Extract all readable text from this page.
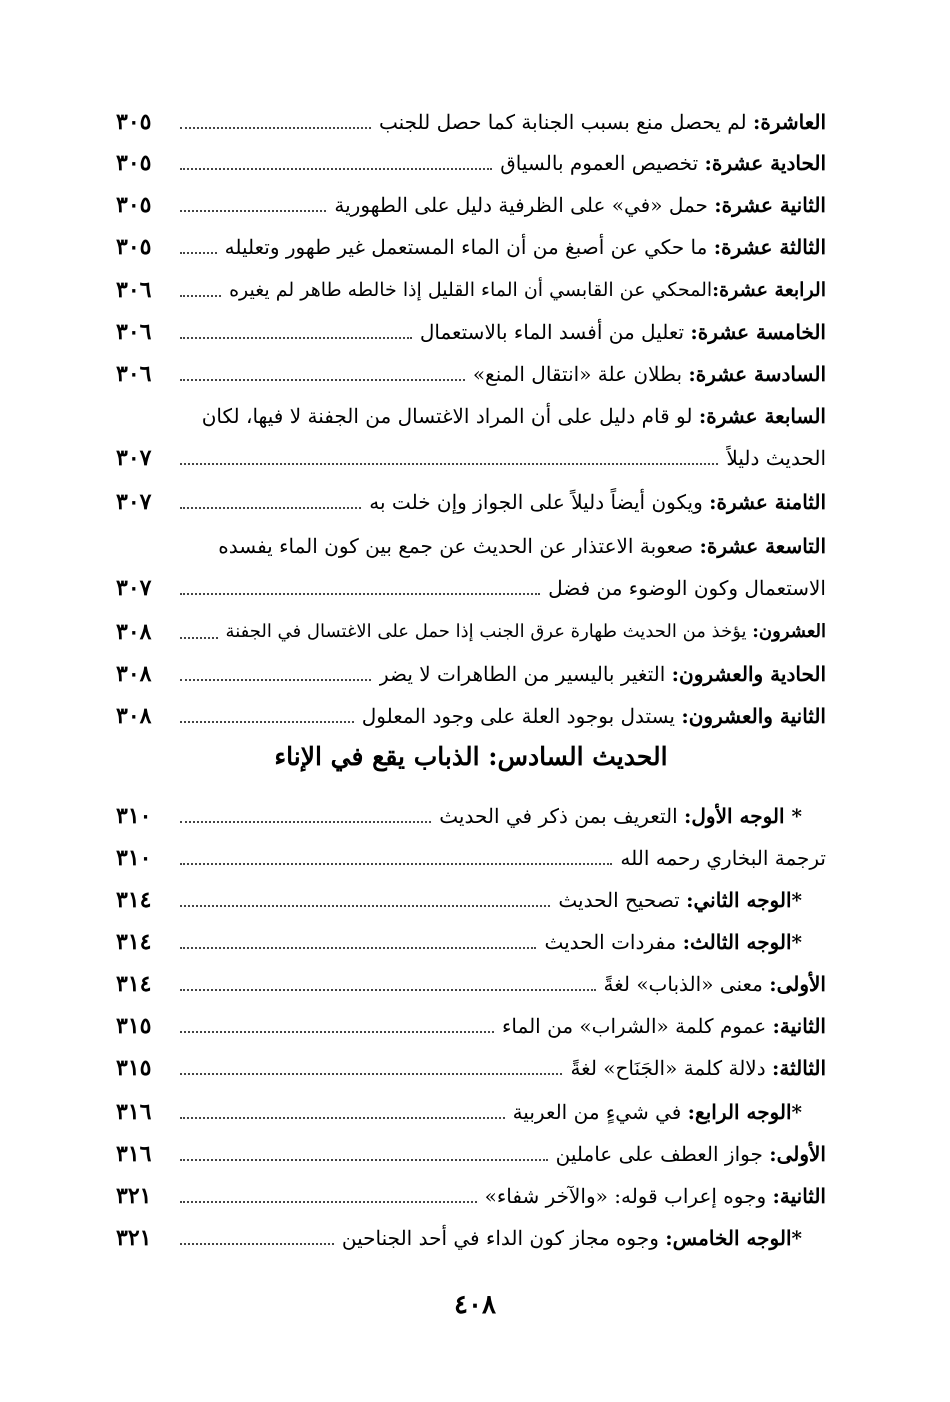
العاشرة: لم يحصل منع بسبب الجنابة كما حصل للجنب
٣٠٥
الحادية عشرة: تخصيص العموم بالسياق
٣٠٥
الثانية عشرة: حمل «في» على الظرفية دليل على الطهورية
٣٠٥
الثالثة عشرة: ما حكي عن أصبغ من أن الماء المستعمل غير طهور وتعليله
٣٠٥
الرابعة عشرة:المحكي عن القابسي أن الماء القليل إذا خالطه طاهر لم يغيره
٣٠٦
الخامسة عشرة: تعليل من أفسد الماء بالاستعمال
٣٠٦
السادسة عشرة: بطلان علة «انتقال المنع»
٣٠٦
السابعة عشرة: لو قام دليل على أن المراد الاغتسال من الجفنة لا فيها، لكان
الحديث دليلاً
٣٠٧
الثامنة عشرة: ويكون أيضاً دليلاً على الجواز وإن خلت به
٣٠٧
التاسعة عشرة: صعوبة الاعتذار عن الحديث عن جمع بين كون الماء يفسده
الاستعمال وكون الوضوء من فضل
٣٠٧
العشرون: يؤخذ من الحديث طهارة عرق الجنب إذا حمل على الاغتسال في الجفنة
٣٠٨
الحادية والعشرون: التغير باليسير من الطاهرات لا يضر
٣٠٨
الثانية والعشرون: يستدل بوجود العلة على وجود المعلول
٣٠٨
الحديث السادس: الذباب يقع في الإناء
* الوجه الأول: التعريف بمن ذكر في الحديث
٣١٠
ترجمة البخاري رحمه الله
٣١٠
*الوجه الثاني: تصحيح الحديث
٣١٤
*الوجه الثالث: مفردات الحديث
٣١٤
الأولى: معنى «الذباب» لغةً
٣١٤
الثانية: عموم كلمة «الشراب» من الماء
٣١٥
الثالثة: دلالة كلمة «الجَنَاح» لغةً
٣١٥
*الوجه الرابع: في شيءٍ من العربية
٣١٦
الأولى: جواز العطف على عاملين
٣١٦
الثانية: وجوه إعراب قوله: «والآخر شفاء»
٣٢١
*الوجه الخامس: وجوه مجاز كون الداء في أحد الجناحين
٣٢١
٤٠٨
